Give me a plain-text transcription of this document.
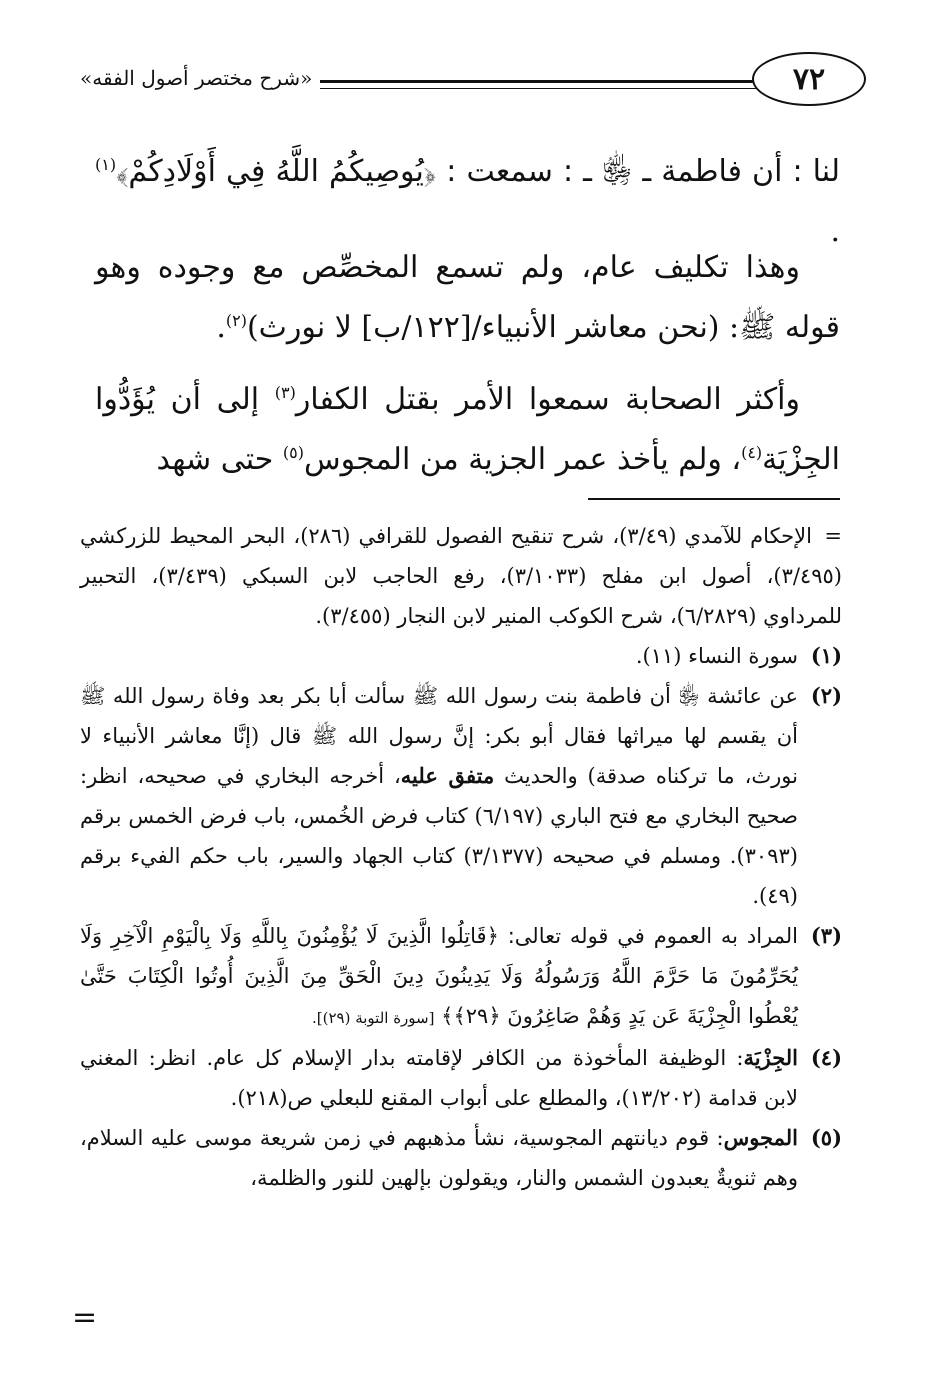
٧٢
«شرح مختصر أصول الفقه»

لنا : أن فاطمة ـ ﵂ ـ : سمعت : ﴿يُوصِيكُمُ اللَّهُ فِي أَوْلَادِكُمْ﴾$^{(١)}$ .

وهذا تكليف عام، ولم تسمع المخصِّص مع وجوده وهو قوله ﷺ: (نحن معاشر الأنبياء/[١٢٢/ب] لا نورث)$^{(٢)}$.

وأكثر الصحابة سمعوا الأمر بقتل الكفار$^{(٣)}$ إلى أن يُؤَدُّوا الجِزْيَة$^{(٤)}$، ولم يأخذ عمر الجزية من المجوس$^{(٥)}$ حتى شهد

=الإحكام للآمدي (٣/٤٩)، شرح تنقيح الفصول للقرافي (٢٨٦)، البحر المحيط للزركشي (٣/٤٩٥)، أصول ابن مفلح (٣/١٠٣٣)، رفع الحاجب لابن السبكي (٣/٤٣٩)، التحبير للمرداوي (٦/٢٨٢٩)، شرح الكوكب المنير لابن النجار (٣/٤٥٥).

(١)
سورة النساء (١١).
(٢)
عن عائشة ﵂ أن فاطمة بنت رسول الله ﷺ سألت أبا بكر بعد وفاة رسول الله ﷺ أن يقسم لها ميراثها فقال أبو بكر: إنَّ رسول الله ﷺ قال (إنَّا معاشر الأنبياء لا نورث، ما تركناه صدقة) والحديث متفق عليه، أخرجه البخاري في صحيحه، انظر: صحيح البخاري مع فتح الباري (٦/١٩٧) كتاب فرض الخُمس، باب فرض الخمس برقم (٣٠٩٣). ومسلم في صحيحه (٣/١٣٧٧) كتاب الجهاد والسير، باب حكم الفيء برقم (٤٩).
(٣)
المراد به العموم في قوله تعالى: ﴿قَاتِلُوا الَّذِينَ لَا يُؤْمِنُونَ بِاللَّهِ وَلَا بِالْيَوْمِ الْآخِرِ وَلَا يُحَرِّمُونَ مَا حَرَّمَ اللَّهُ وَرَسُولُهُ وَلَا يَدِينُونَ دِينَ الْحَقِّ مِنَ الَّذِينَ أُوتُوا الْكِتَابَ حَتَّىٰ يُعْطُوا الْجِزْيَةَ عَن يَدٍ وَهُمْ صَاغِرُونَ ﴿٢٩﴾﴾ [سورة التوبة (٢٩)].
(٤)
الجِزْيَة: الوظيفة المأخوذة من الكافر لإقامته بدار الإسلام كل عام. انظر: المغني لابن قدامة (١٣/٢٠٢)، والمطلع على أبواب المقنع للبعلي ص(٢١٨).
(٥)
المجوس: قوم ديانتهم المجوسية، نشأ مذهبهم في زمن شريعة موسى عليه السلام، وهم ثنويةٌ يعبدون الشمس والنار، ويقولون بإلهين للنور والظلمة،
=
